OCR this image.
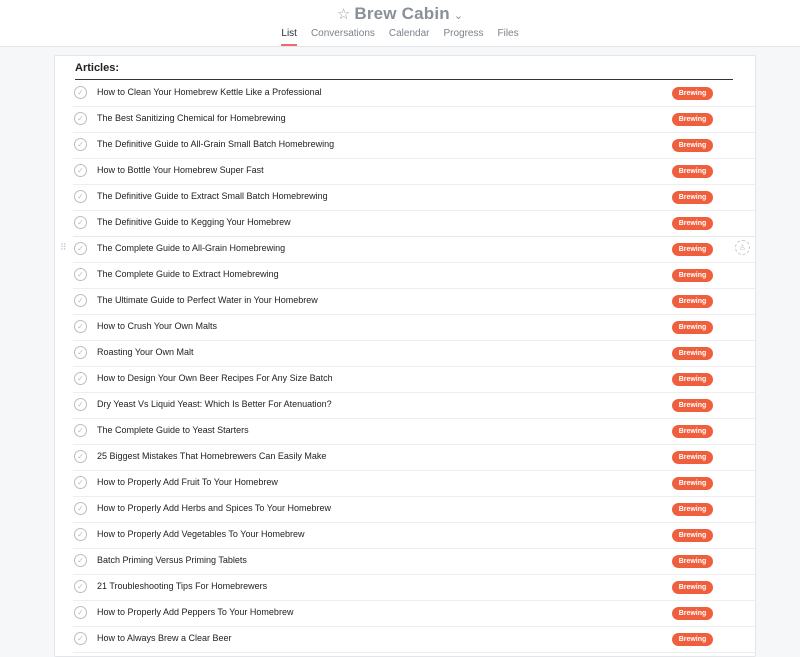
☆ Brew Cabin ⌄
List Conversations Calendar Progress Files
Articles:
✓	How to Clean Your Homebrew Kettle Like a Professional	Brewing
✓	The Best Sanitizing Chemical for Homebrewing	Brewing
✓	The Definitive Guide to All-Grain Small Batch Homebrewing	Brewing
✓	How to Bottle Your Homebrew Super Fast	Brewing
✓	The Definitive Guide to Extract Small Batch Homebrewing	Brewing
✓	The Definitive Guide to Kegging Your Homebrew	Brewing
⠿	✓	The Complete Guide to All-Grain Homebrewing	Brewing	♙
✓	The Complete Guide to Extract Homebrewing	Brewing
✓	The Ultimate Guide to Perfect Water in Your Homebrew	Brewing
✓	How to Crush Your Own Malts	Brewing
✓	Roasting Your Own Malt	Brewing
✓	How to Design Your Own Beer Recipes For Any Size Batch	Brewing
✓	Dry Yeast Vs Liquid Yeast: Which Is Better For Atenuation?	Brewing
✓	The Complete Guide to Yeast Starters	Brewing
✓	25 Biggest Mistakes That Homebrewers Can Easily Make	Brewing
✓	How to Properly Add Fruit To Your Homebrew	Brewing
✓	How to Properly Add Herbs and Spices To Your Homebrew	Brewing
✓	How to Properly Add Vegetables To Your Homebrew	Brewing
✓	Batch Priming Versus Priming Tablets	Brewing
✓	21 Troubleshooting Tips For Homebrewers	Brewing
✓	How to Properly Add Peppers To Your Homebrew	Brewing
✓	How to Always Brew a Clear Beer	Brewing
